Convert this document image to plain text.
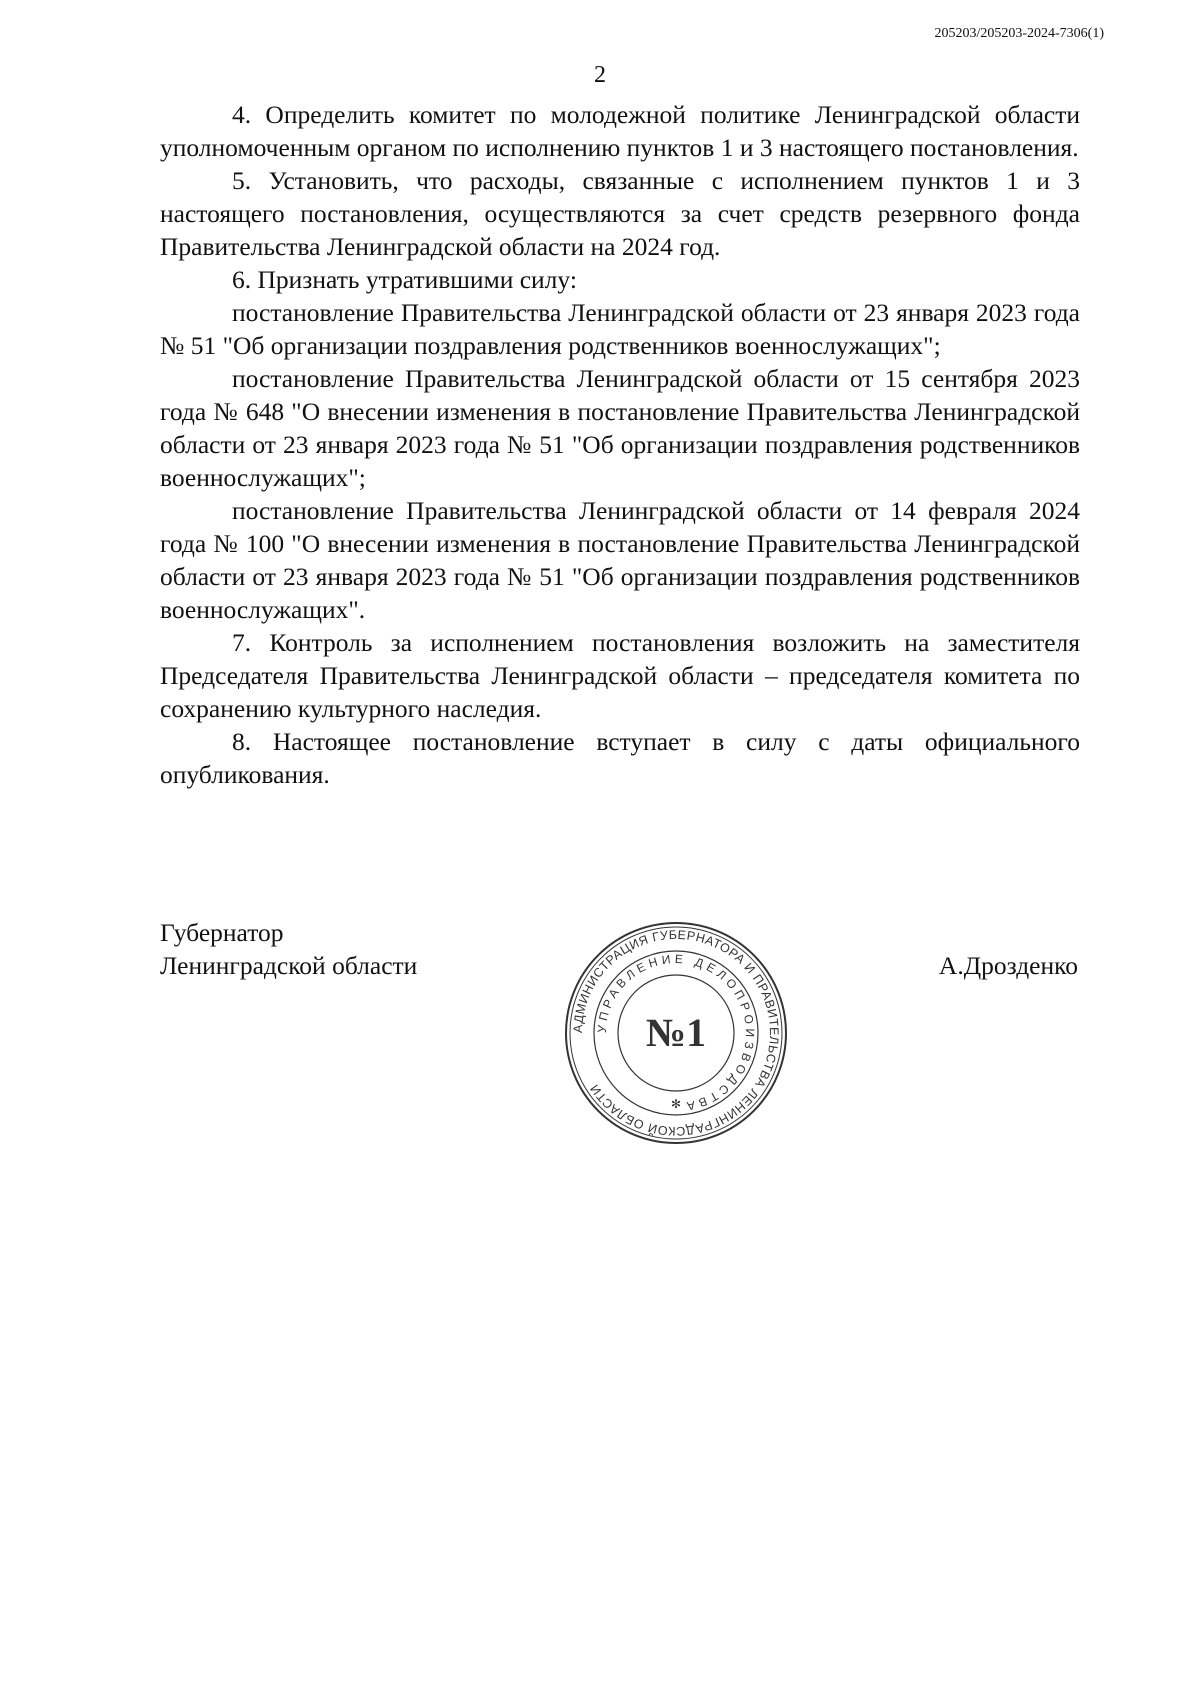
205203/205203-2024-7306(1)
2

4. Определить комитет по молодежной политике Ленинградской области уполномоченным органом по исполнению пунктов 1 и 3 настоящего постановления.

5. Установить, что расходы, связанные с исполнением пунктов 1 и 3 настоящего постановления, осуществляются за счет средств резервного фонда Правительства Ленинградской области на 2024 год.

6. Признать утратившими силу:

постановление Правительства Ленинградской области от 23 января 2023 года № 51 "Об организации поздравления родственников военнослужащих";

постановление Правительства Ленинградской области от 15 сентября 2023 года № 648 "О внесении изменения в постановление Правительства Ленинградской области от 23 января 2023 года № 51 "Об организации поздравления родственников военнослужащих";

постановление Правительства Ленинградской области от 14 февраля 2024 года № 100 "О внесении изменения в постановление Правительства Ленинградской области от 23 января 2023 года № 51 "Об организации поздравления родственников военнослужащих".

7. Контроль за исполнением постановления возложить на заместителя Председателя Правительства Ленинградской области – председателя комитета по сохранению культурного наследия.

8. Настоящее постановление вступает в силу с даты официального опубликования.

Губернатор
Ленинградской области
АДМИНИСТРАЦИЯ ГУБЕРНАТОРА И ПРАВИТЕЛЬСТВА ЛЕНИНГРАДСКОЙ ОБЛАСТИ
УПРАВЛЕНИЕ ДЕЛОПРОИЗВОДСТВА
№1
✻
А.Дрозденко
